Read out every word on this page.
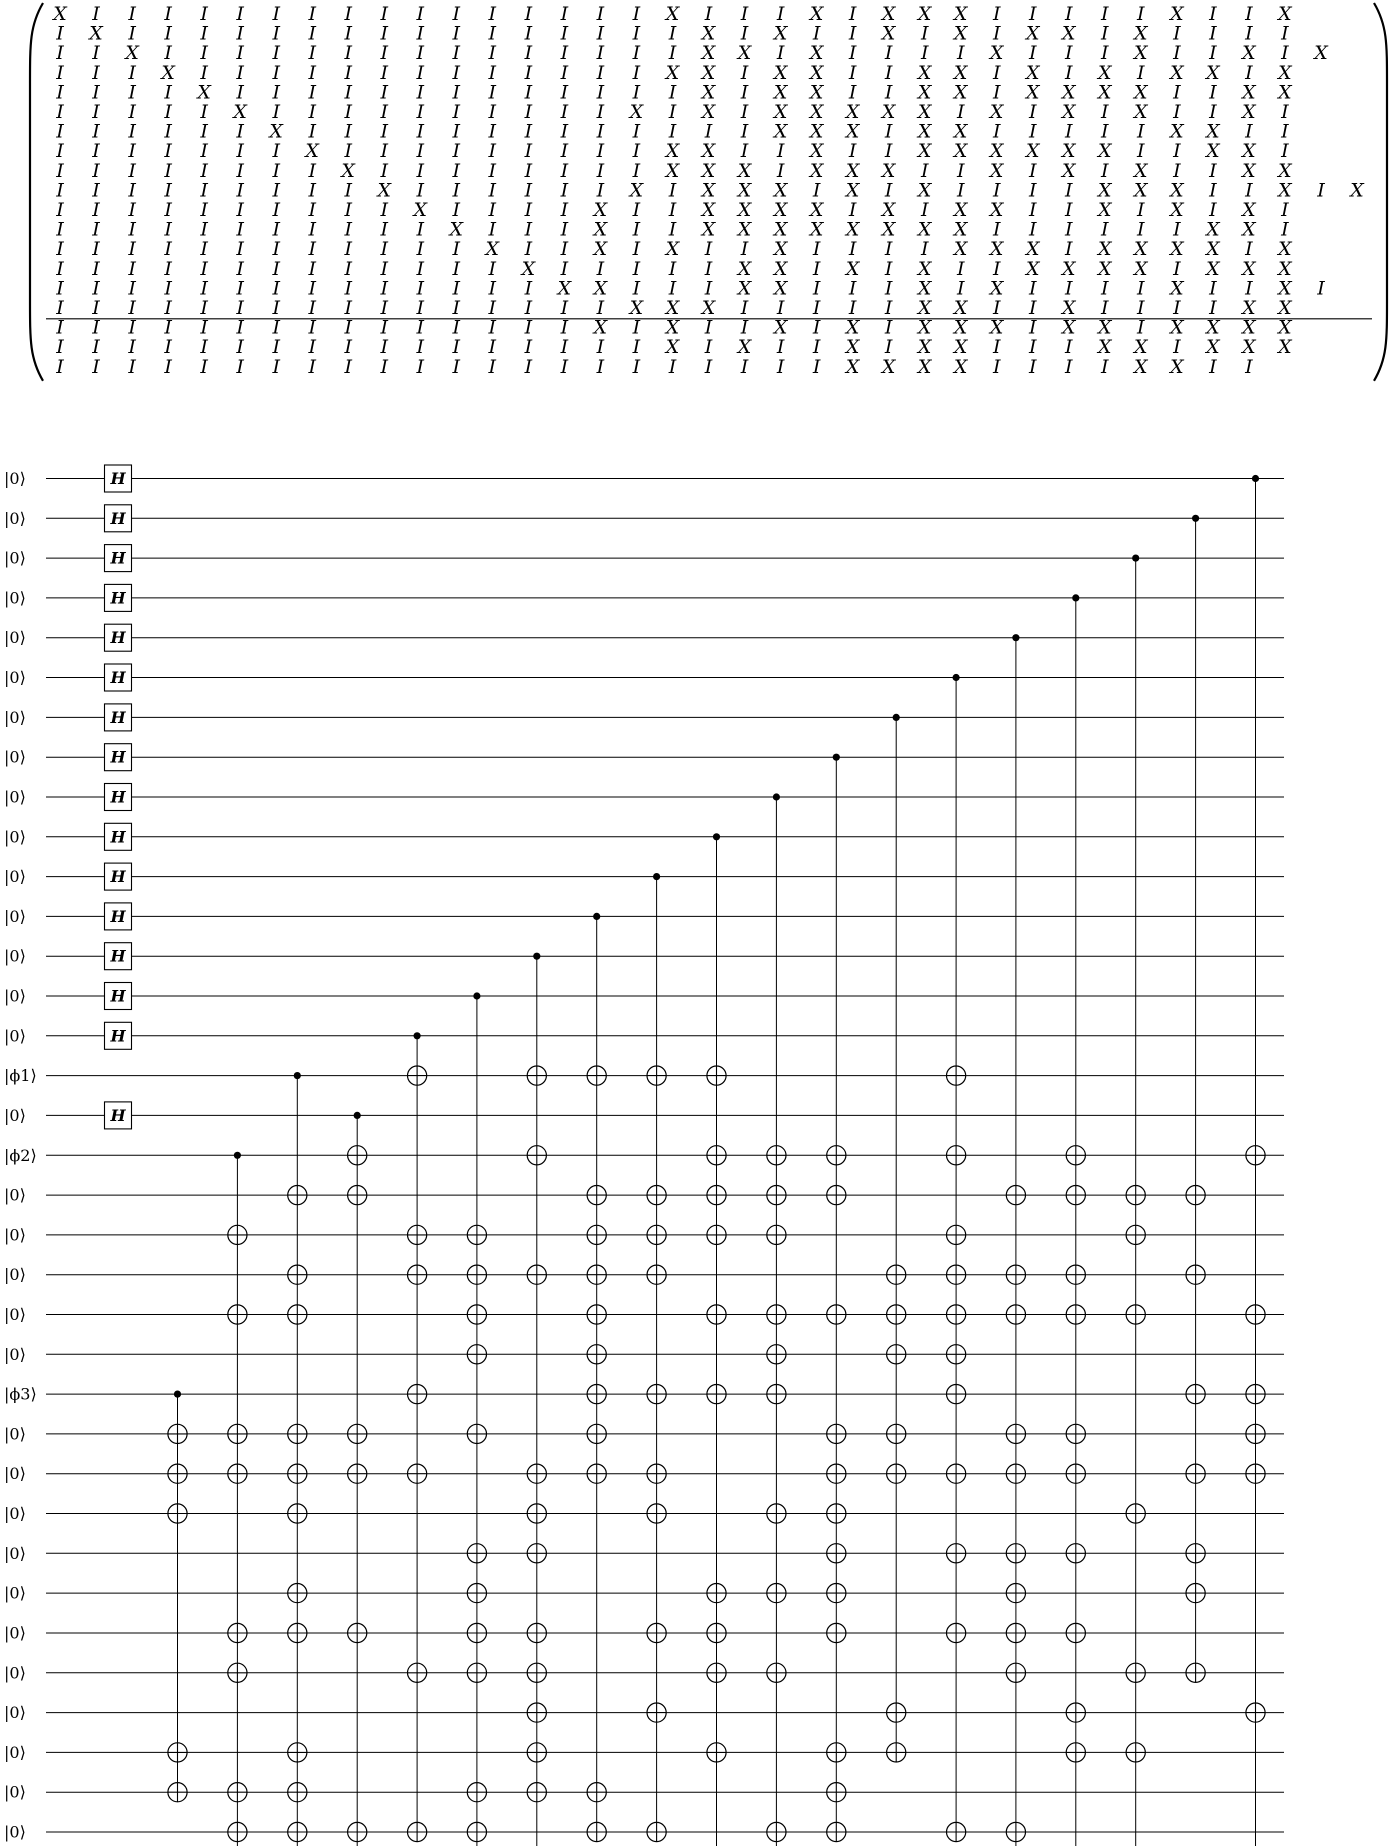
X I I I I I I I I I I I I I I I I X I I I X I X X X I I I I I X I I X
I X I I I I I I I I I I I I I I I I X I X I I X I X I X X I X I I I I
I I X I I I I I I I I I I I I I I I X X I X I I I I X I I I X I I X I X
I I I X I I I I I I I I I I I I I X X I X X I I X X I X I X I X X I X
I I I I X I I I I I I I I I I I I I X I X X I I X X I X X X X I I X X
I I I I I X I I I I I I I I I I X I X I X X X X X I X I X I X I I X I
I I I I I I X I I I I I I I I I I I I I X X X I X X I I I I I X X I I
I I I I I I I X I I I I I I I I I X X I I X I I X X X X X X I I X X I
I I I I I I I I X I I I I I I I I X X X I X X X I I X I X I X I I X X
I I I I I I I I I X I I I I I I X I X X X I X I X I I I I X X X I I X I X
I I I I I I I I I I X I I I I X I I X X X X I X I X X I I X I X I X I
I I I I I I I I I I I X I I I X I I X X X X X X X X I I I I I I X X I
I I I I I I I I I I I I X I I X I X I I X I I I I X X X I X X X X I X
I I I I I I I I I I I I I X I I I I I X X I X I X I I X X X X I X X X
I I I I I I I I I I I I I I X X I I I X X I I I X I X I I I I X I I X I
I I I I I I I I I I I I I I I I X X X I I I I I X X I I X I I I I X X
I I I I I I I I I I I I I I I X I X I I X I X I X X X I X X I X X X X
I I I I I I I I I I I I I I I I I X I X I I X I X X I I I X X I X X X
I I I I I I I I I I I I I I I I I I I I I I X X X X I I I I X X I I
|0⟩
|0⟩
|0⟩
|0⟩
|0⟩
|0⟩
|0⟩
|0⟩
|0⟩
|0⟩
|0⟩
|0⟩
|0⟩
|0⟩
|0⟩
|ϕ1⟩
|0⟩
|ϕ2⟩
|0⟩
|0⟩
|0⟩
|0⟩
|0⟩
|ϕ3⟩
|0⟩
|0⟩
|0⟩
|0⟩
|0⟩
|0⟩
|0⟩
|0⟩
|0⟩
|0⟩
|0⟩
H
H
H
H
H
H
H
H
H
H
H
H
H
H
H
H
